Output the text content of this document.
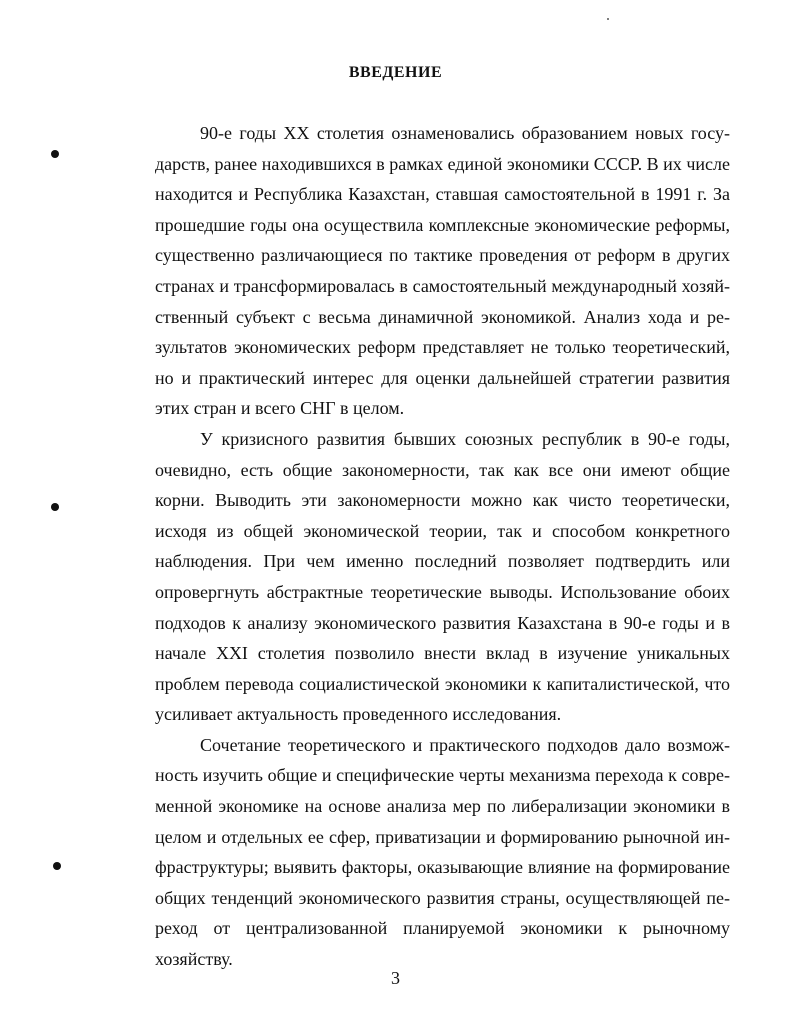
ВВЕДЕНИЕ

90-е годы XX столетия ознаменовались образованием новых государств, ранее находившихся в рамках единой экономики СССР. В их числе находится и Республика Казахстан, ставшая самостоятельной в 1991 г. За прошедшие годы она осуществила комплексные экономические реформы, существенно различающиеся по тактике проведения от реформ в других странах и трансформировалась в самостоятельный международный хозяйственный субъект с весьма динамичной экономикой. Анализ хода и результатов экономических реформ представляет не только теоретический, но и практический интерес для оценки дальнейшей стратегии развития этих стран и всего СНГ в целом.

У кризисного развития бывших союзных республик в 90-е годы, очевидно, есть общие закономерности, так как все они имеют общие корни. Выводить эти закономерности можно как чисто теоретически, исходя из общей экономической теории, так и способом конкретного наблюдения. При чем именно последний позволяет подтвердить или опровергнуть абстрактные теоретические выводы. Использование обоих подходов к анализу экономического развития Казахстана в 90-е годы и в начале XXI столетия позволило внести вклад в изучение уникальных проблем перевода социалистической экономики к капиталистической, что усиливает актуальность проведенного исследования.

Сочетание теоретического и практического подходов дало возможность изучить общие и специфические черты механизма перехода к современной экономике на основе анализа мер по либерализации экономики в целом и отдельных ее сфер, приватизации и формированию рыночной инфраструктуры; выявить факторы, оказывающие влияние на формирование общих тенденций экономического развития страны, осуществляющей переход от централизованной планируемой экономики к рыночному хозяйству.

3
